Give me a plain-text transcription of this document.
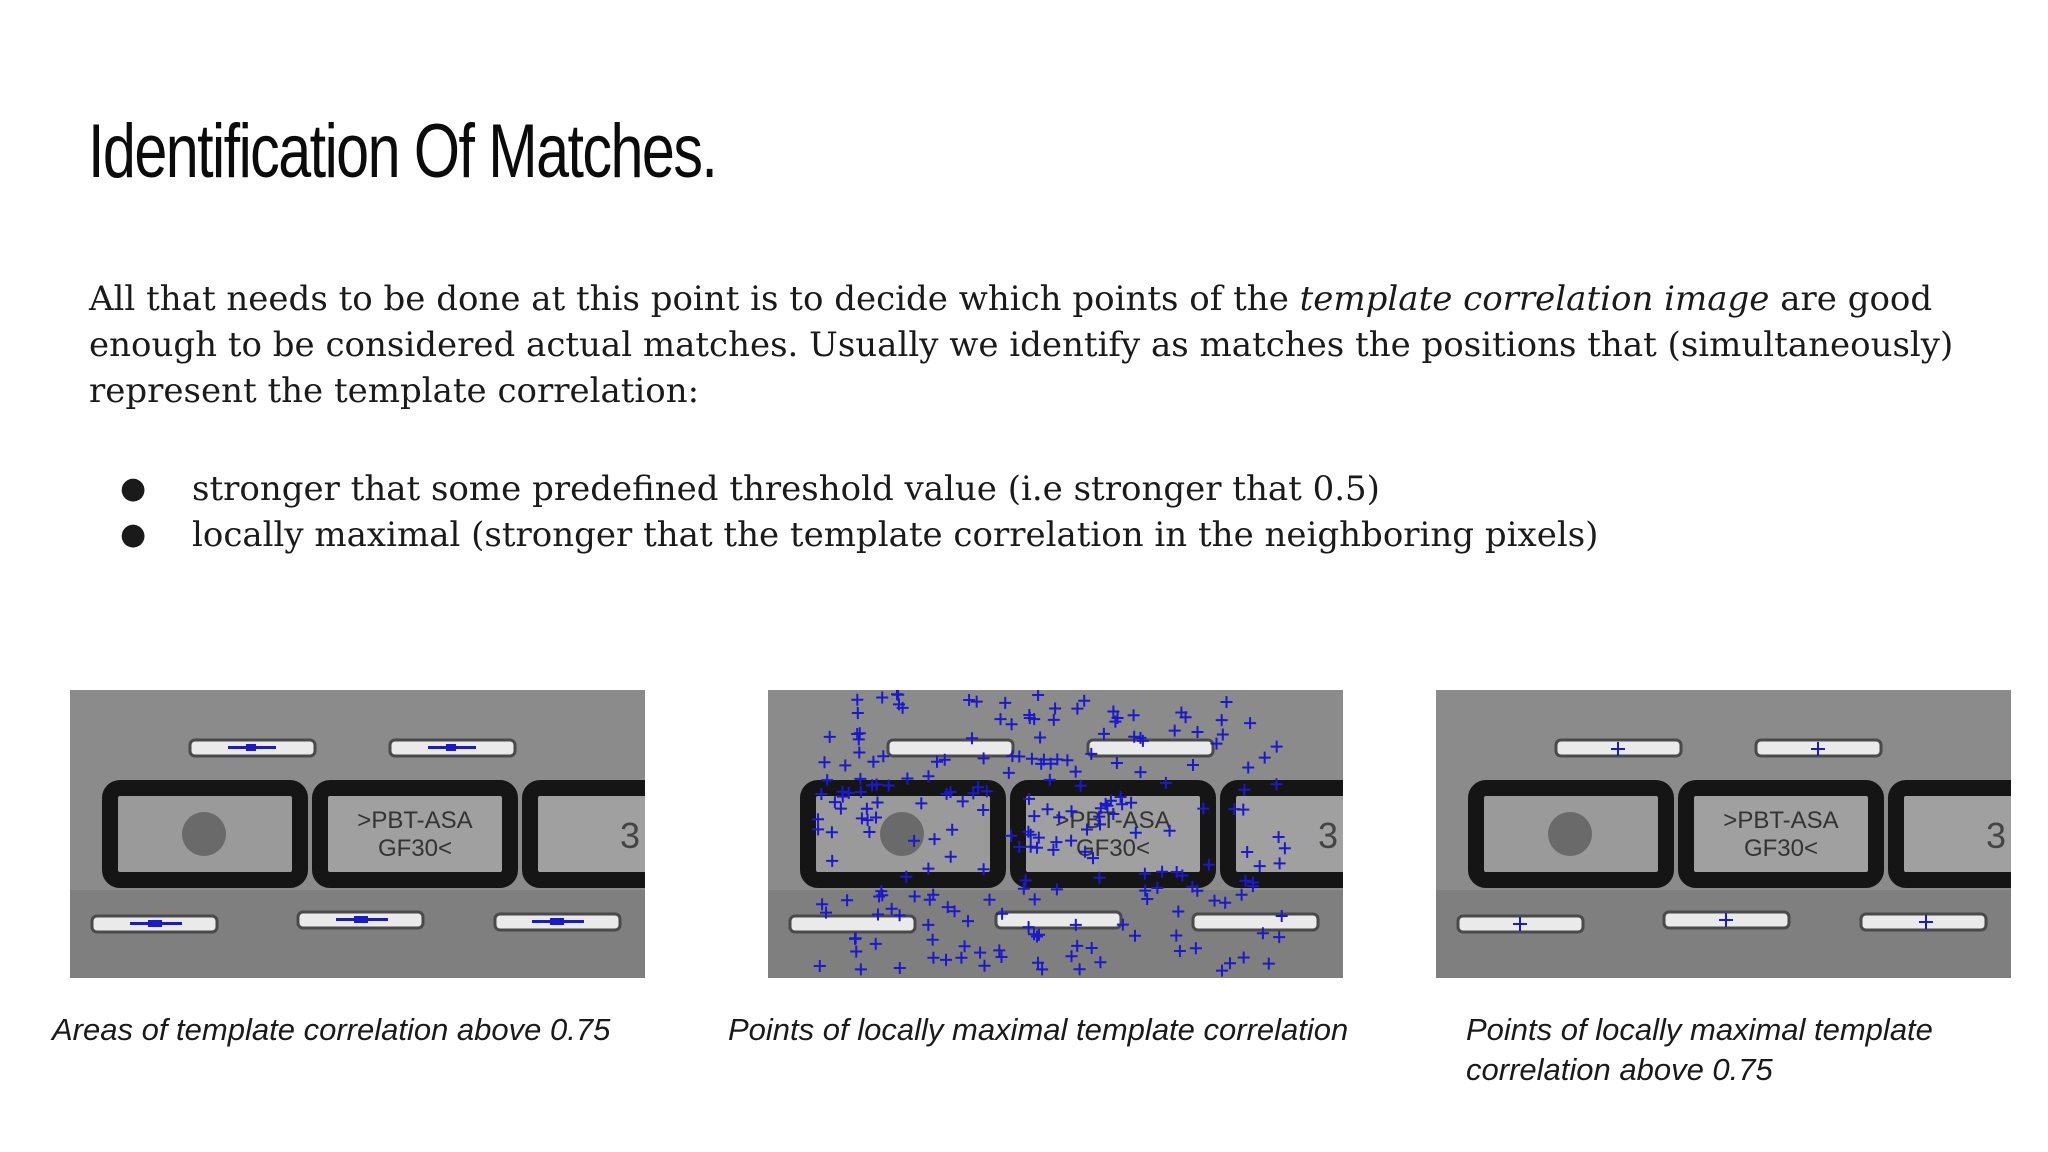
Identification Of Matches.

All that needs to be done at this point is to decide which points of the template correlation image are good enough to be considered actual matches. Usually we identify as matches the positions that (simultaneously) represent the template correlation:

● stronger that some predefined threshold value (i.e stronger that 0.5)
● locally maximal (stronger that the template correlation in the neighboring pixels)
>PBT-ASA
GF30<	3
Areas of template correlation above 0.75
>PBT-ASA
GF30<	3
Points of locally maximal template correlation
>PBT-ASA
GF30<	3
Points of locally maximal template correlation above 0.75
